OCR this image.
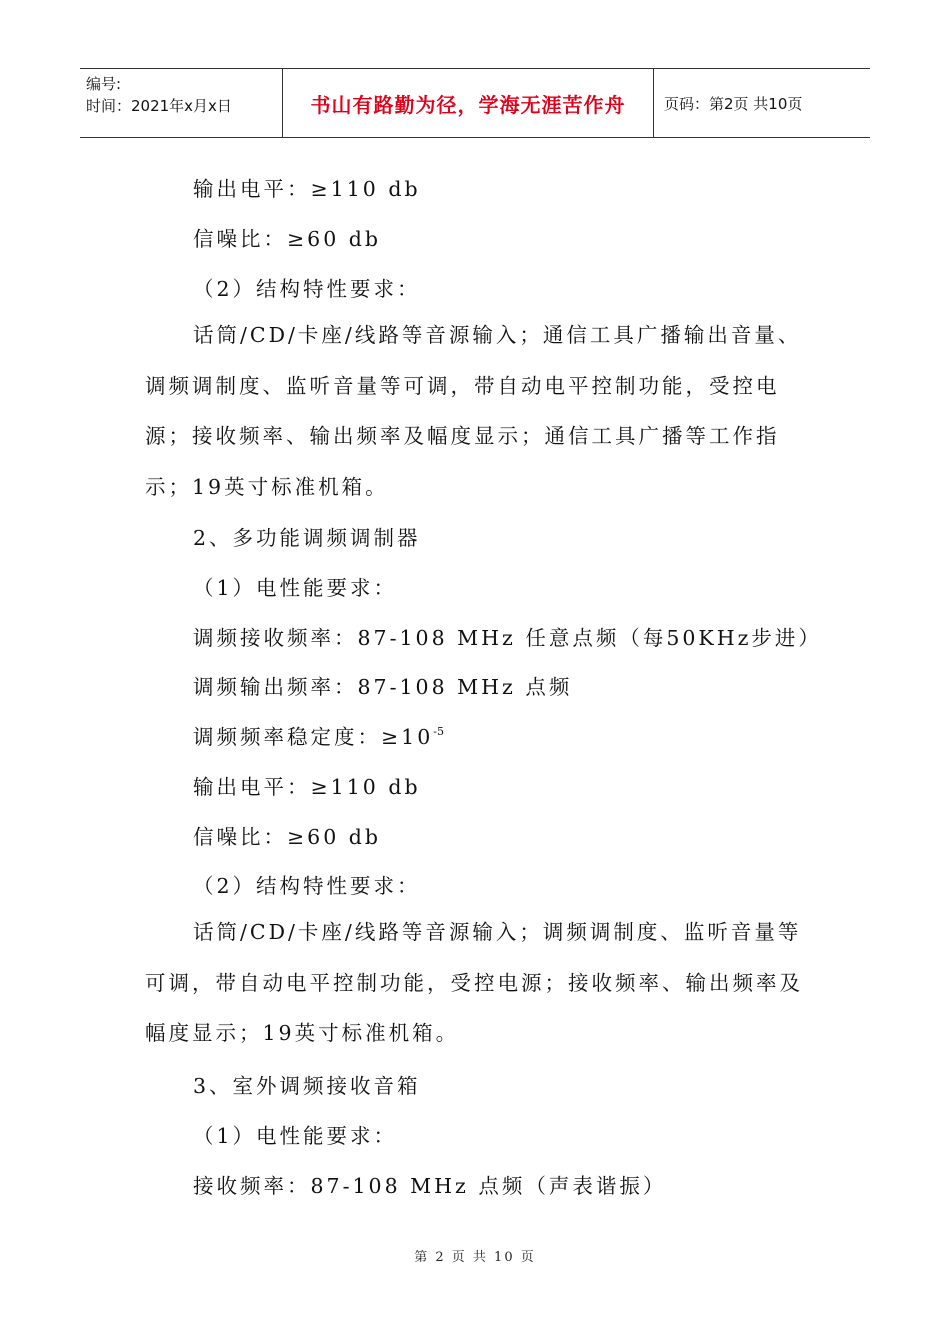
编号:
时间：2021年x月x日	书山有路勤为径，学海无涯苦作舟	页码：第2页 共10页
输出电平：≥110 db
信噪比：≥60 db
（2）结构特性要求：
话筒/CD/卡座/线路等音源输入；通信工具广播输出音量、调频调制度、监听音量等可调，带自动电平控制功能，受控电源；接收频率、输出频率及幅度显示；通信工具广播等工作指示；19英寸标准机箱。
2、多功能调频调制器
（1）电性能要求：
调频接收频率：87-108 MHz 任意点频（每50KHz步进）
调频输出频率：87-108 MHz 点频
调频频率稳定度：$\ge 10^{-5}$
输出电平：≥110 db
信噪比：≥60 db
（2）结构特性要求：
话筒/CD/卡座/线路等音源输入；调频调制度、监听音量等可调，带自动电平控制功能，受控电源；接收频率、输出频率及幅度显示；19英寸标准机箱。
3、室外调频接收音箱
（1）电性能要求：
接收频率：87-108 MHz 点频（声表谐振）
第 2 页 共 10 页
